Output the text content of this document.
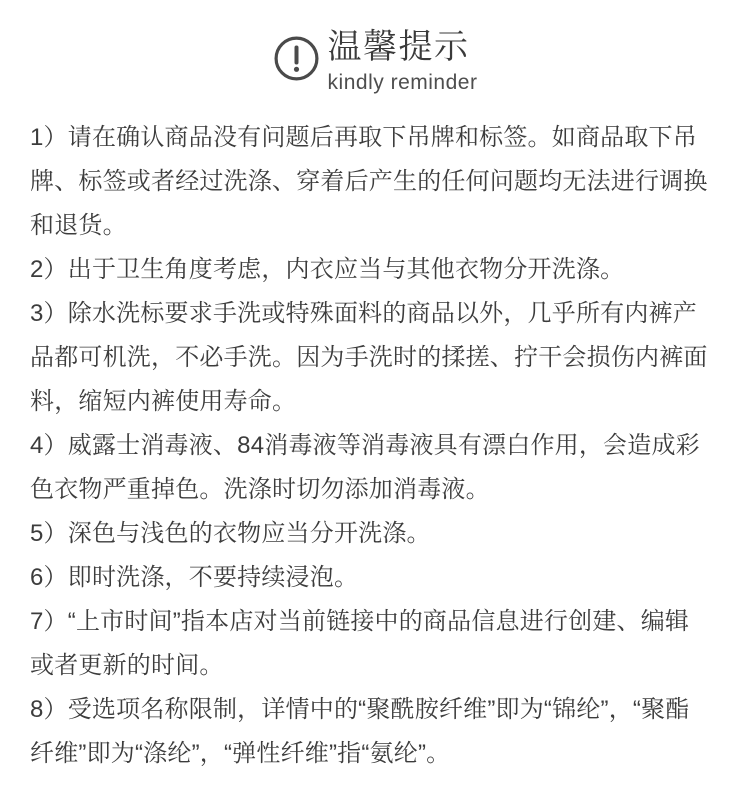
温馨提示
kindly reminder

1）请在确认商品没有问题后再取下吊牌和标签。如商品取下吊牌、标签或者经过洗涤、穿着后产生的任何问题均无法进行调换和退货。

2）出于卫生角度考虑，内衣应当与其他衣物分开洗涤。

3）除水洗标要求手洗或特殊面料的商品以外，几乎所有内裤产品都可机洗，不必手洗。因为手洗时的揉搓、拧干会损伤内裤面料，缩短内裤使用寿命。

4）威露士消毒液、84消毒液等消毒液具有漂白作用，会造成彩色衣物严重掉色。洗涤时切勿添加消毒液。

5）深色与浅色的衣物应当分开洗涤。

6）即时洗涤，不要持续浸泡。

7）“上市时间”指本店对当前链接中的商品信息进行创建、编辑或者更新的时间。

8）受选项名称限制，详情中的“聚酰胺纤维”即为“锦纶”，“聚酯纤维”即为“涤纶”，“弹性纤维”指“氨纶”。
